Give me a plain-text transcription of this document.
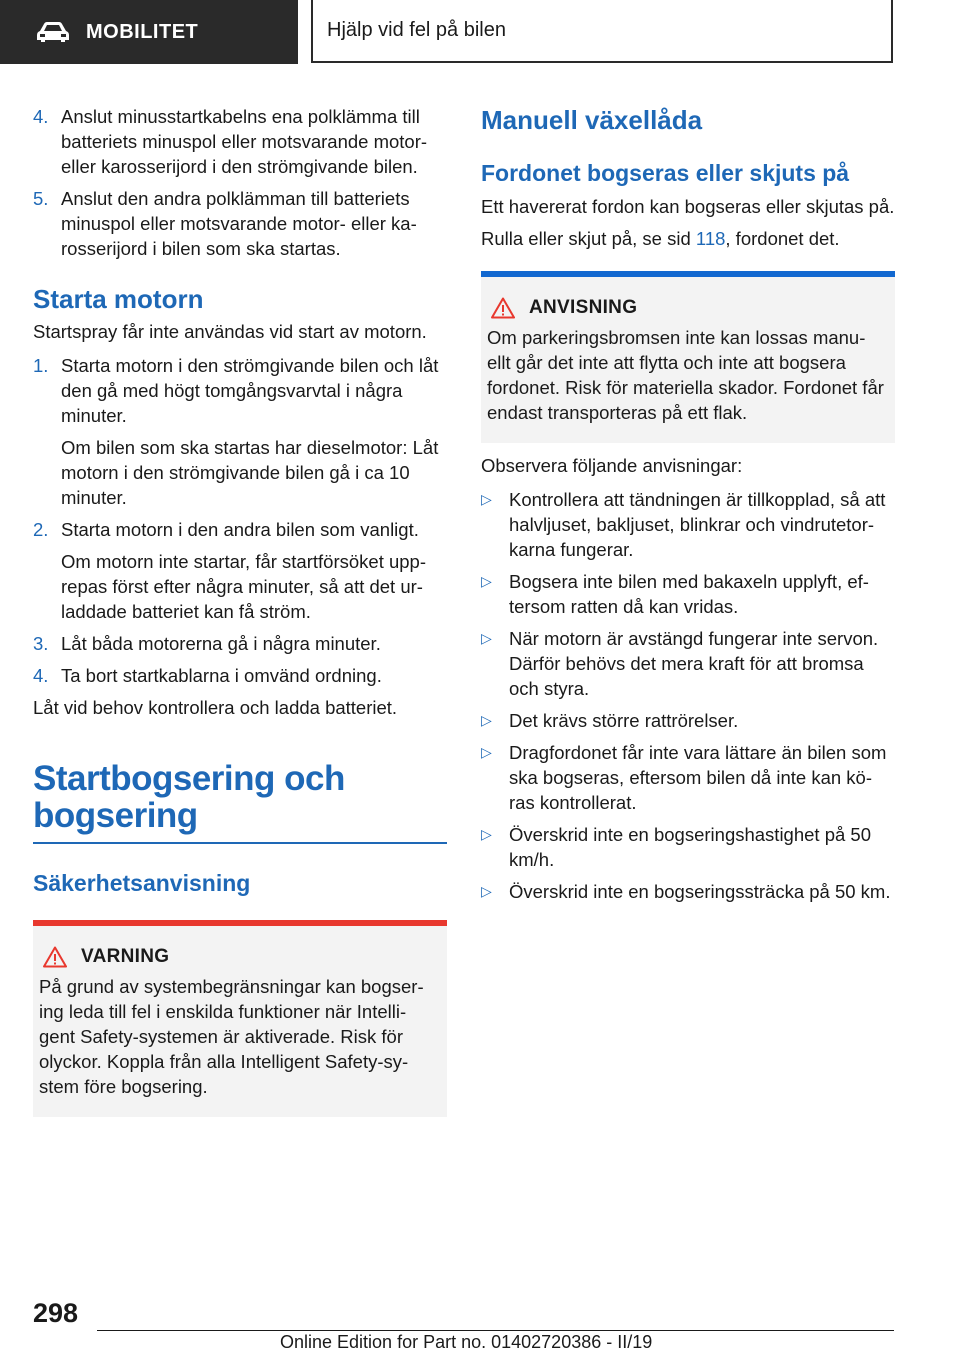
MOBILITET	Hjälp vid fel på bilen
4. Anslut minusstartkabelns ena polklämma till batteriets minuspol eller motsvarande motor- eller karosserijord i den strömgivande bilen.

5. Anslut den andra polklämman till batteriets minuspol eller motsvarande motor- eller ka-rosserijord i bilen som ska startas.

Starta motorn

Startspray får inte användas vid start av motorn.

1. Starta motorn i den strömgivande bilen och låt den gå med högt tomgångsvarvtal i några minuter.

Om bilen som ska startas har dieselmotor: Låt motorn i den strömgivande bilen gå i ca 10 minuter.

2. Starta motorn i den andra bilen som vanligt.

Om motorn inte startar, får startförsöket upp-repas först efter några minuter, så att det ur-laddade batteriet kan få ström.

3. Låt båda motorerna gå i några minuter.

4. Ta bort startkablarna i omvänd ordning.

Låt vid behov kontrollera och ladda batteriet.

Startbogsering och
bogsering
Säkerhetsanvisning
VARNING

På grund av systembegränsningar kan bogser-ing leda till fel i enskilda funktioner när Intelli-gent Safety-systemen är aktiverade. Risk för olyckor. Koppla från alla Intelligent Safety-sy-stem före bogsering.

Manuell växellåda
Fordonet bogseras eller skjuts på

Ett havererat fordon kan bogseras eller skjutas på.

Rulla eller skjut på, se sid 118, fordonet det.

ANVISNING

Om parkeringsbromsen inte kan lossas manu-ellt går det inte att flytta och inte att bogsera fordonet. Risk för materiella skador. Fordonet får endast transporteras på ett flak.

Observera följande anvisningar:

▷ Kontrollera att tändningen är tillkopplad, så att halvljuset, bakljuset, blinkrar och vindrutetor-karna fungerar.

▷ Bogsera inte bilen med bakaxeln upplyft, ef-tersom ratten då kan vridas.

▷ När motorn är avstängd fungerar inte servon. Därför behövs det mera kraft för att bromsa och styra.

▷ Det krävs större rattrörelser.

▷ Dragfordonet får inte vara lättare än bilen som ska bogseras, eftersom bilen då inte kan kö-ras kontrollerat.

▷ Överskrid inte en bogseringshastighet på 50 km/h.

▷ Överskrid inte en bogseringssträcka på 50 km.

298
Online Edition for Part no. 01402720386 - II/19
